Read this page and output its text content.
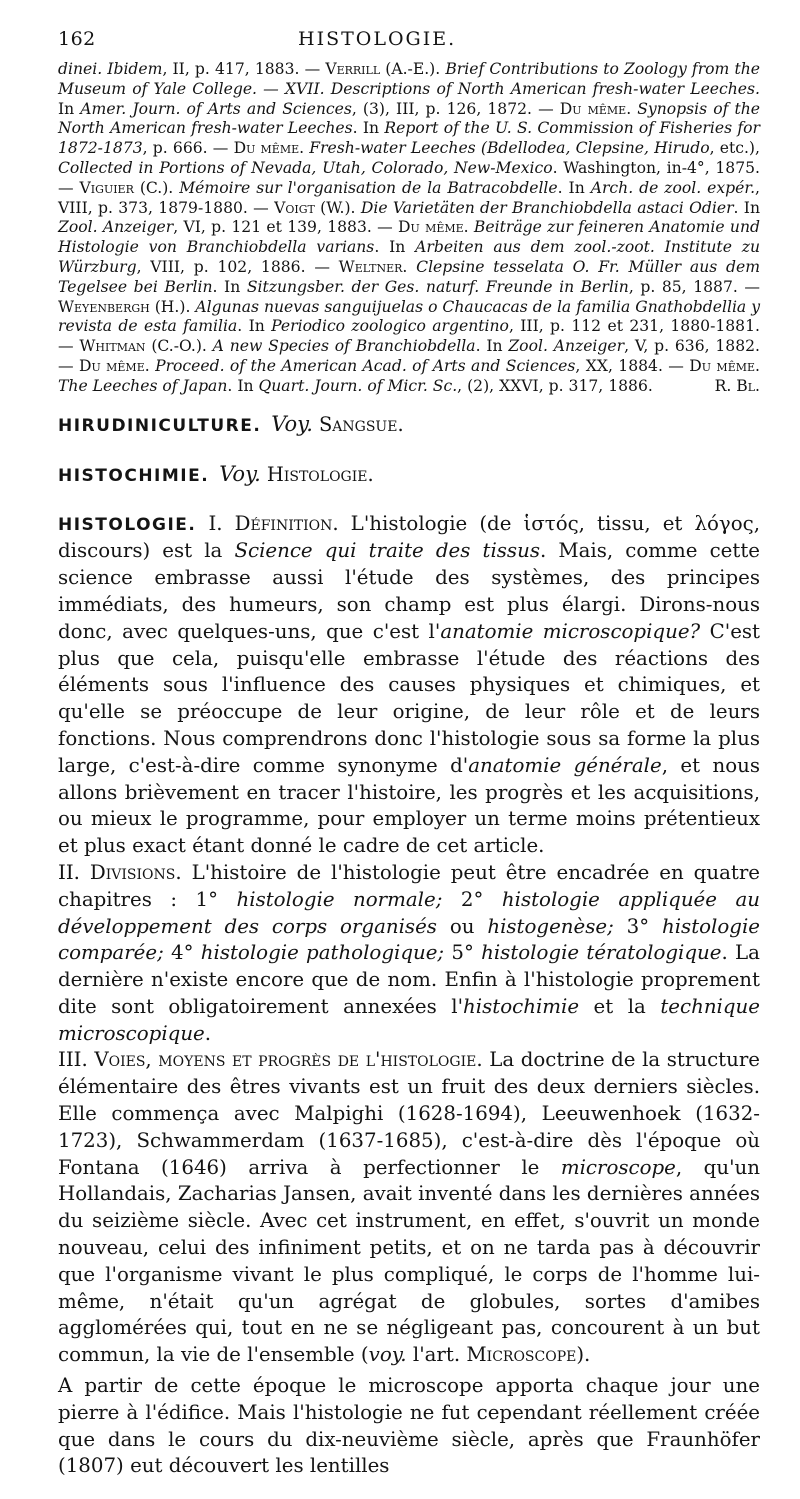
162	HISTOLOGIE.

dinei. Ibidem, II, p. 417, 1883. — Verrill (A.-E.). Brief Contributions to Zoology from the Museum of Yale College. — XVII. Descriptions of North American fresh-water Leeches. In Amer. Journ. of Arts and Sciences, (3), III, p. 126, 1872. — Du même. Synopsis of the North American fresh-water Leeches. In Report of the U. S. Commission of Fisheries for 1872-1873, p. 666. — Du même. Fresh-water Leeches (Bdellodea, Clepsine, Hirudo, etc.), Collected in Portions of Nevada, Utah, Colorado, New-Mexico. Washington, in-4°, 1875. — Viguier (C.). Mémoire sur l'organisation de la Batracobdelle. In Arch. de zool. expér., VIII, p. 373, 1879-1880. — Voigt (W.). Die Varietäten der Branchiobdella astaci Odier. In Zool. Anzeiger, VI, p. 121 et 139, 1883. — Du même. Beiträge zur feineren Anatomie und Histologie von Branchiobdella varians. In Arbeiten aus dem zool.-zoot. Institute zu Würzburg, VIII, p. 102, 1886. — Weltner. Clepsine tesselata O. Fr. Müller aus dem Tegelsee bei Berlin. In Sitzungsber. der Ges. naturf. Freunde in Berlin, p. 85, 1887. — Weyenbergh (H.). Algunas nuevas sanguijuelas o Chaucacas de la familia Gnathobdellia y revista de esta familia. In Periodico zoologico argentino, III, p. 112 et 231, 1880-1881. — Whitman (C.-O.). A new Species of Branchiobdella. In Zool. Anzeiger, V, p. 636, 1882. — Du même. Proceed. of the American Acad. of Arts and Sciences, XX, 1884. — Du même. The Leeches of Japan. In Quart. Journ. of Micr. Sc., (2), XXVI, p. 317, 1886.	R. Bl.

HIRUDINICULTURE. Voy. Sangsue.

HISTOCHIMIE. Voy. Histologie.

HISTOLOGIE. I. Définition. L'histologie (de ἱστός, tissu, et λόγος, discours) est la Science qui traite des tissus. Mais, comme cette science embrasse aussi l'étude des systèmes, des principes immédiats, des humeurs, son champ est plus élargi. Dirons-nous donc, avec quelques-uns, que c'est l'anatomie microscopique? C'est plus que cela, puisqu'elle embrasse l'étude des réactions des éléments sous l'influence des causes physiques et chimiques, et qu'elle se préoccupe de leur origine, de leur rôle et de leurs fonctions. Nous comprendrons donc l'histologie sous sa forme la plus large, c'est-à-dire comme synonyme d'anatomie générale, et nous allons brièvement en tracer l'histoire, les progrès et les acquisitions, ou mieux le programme, pour employer un terme moins prétentieux et plus exact étant donné le cadre de cet article.

II. Divisions. L'histoire de l'histologie peut être encadrée en quatre chapitres : 1° histologie normale; 2° histologie appliquée au développement des corps organisés ou histogenèse; 3° histologie comparée; 4° histologie pathologique; 5° histologie tératologique. La dernière n'existe encore que de nom. Enfin à l'histologie proprement dite sont obligatoirement annexées l'histochimie et la technique microscopique.

III. Voies, moyens et progrès de l'histologie. La doctrine de la structure élémentaire des êtres vivants est un fruit des deux derniers siècles. Elle commença avec Malpighi (1628-1694), Leeuwenhoek (1632-1723), Schwammerdam (1637-1685), c'est-à-dire dès l'époque où Fontana (1646) arriva à perfectionner le microscope, qu'un Hollandais, Zacharias Jansen, avait inventé dans les dernières années du seizième siècle. Avec cet instrument, en effet, s'ouvrit un monde nouveau, celui des infiniment petits, et on ne tarda pas à découvrir que l'organisme vivant le plus compliqué, le corps de l'homme lui-même, n'était qu'un agrégat de globules, sortes d'amibes agglomérées qui, tout en ne se négligeant pas, concourent à un but commun, la vie de l'ensemble (voy. l'art. Microscope).

A partir de cette époque le microscope apporta chaque jour une pierre à l'édifice. Mais l'histologie ne fut cependant réellement créée que dans le cours du dix-neuvième siècle, après que Fraunhöfer (1807) eut découvert les lentilles
